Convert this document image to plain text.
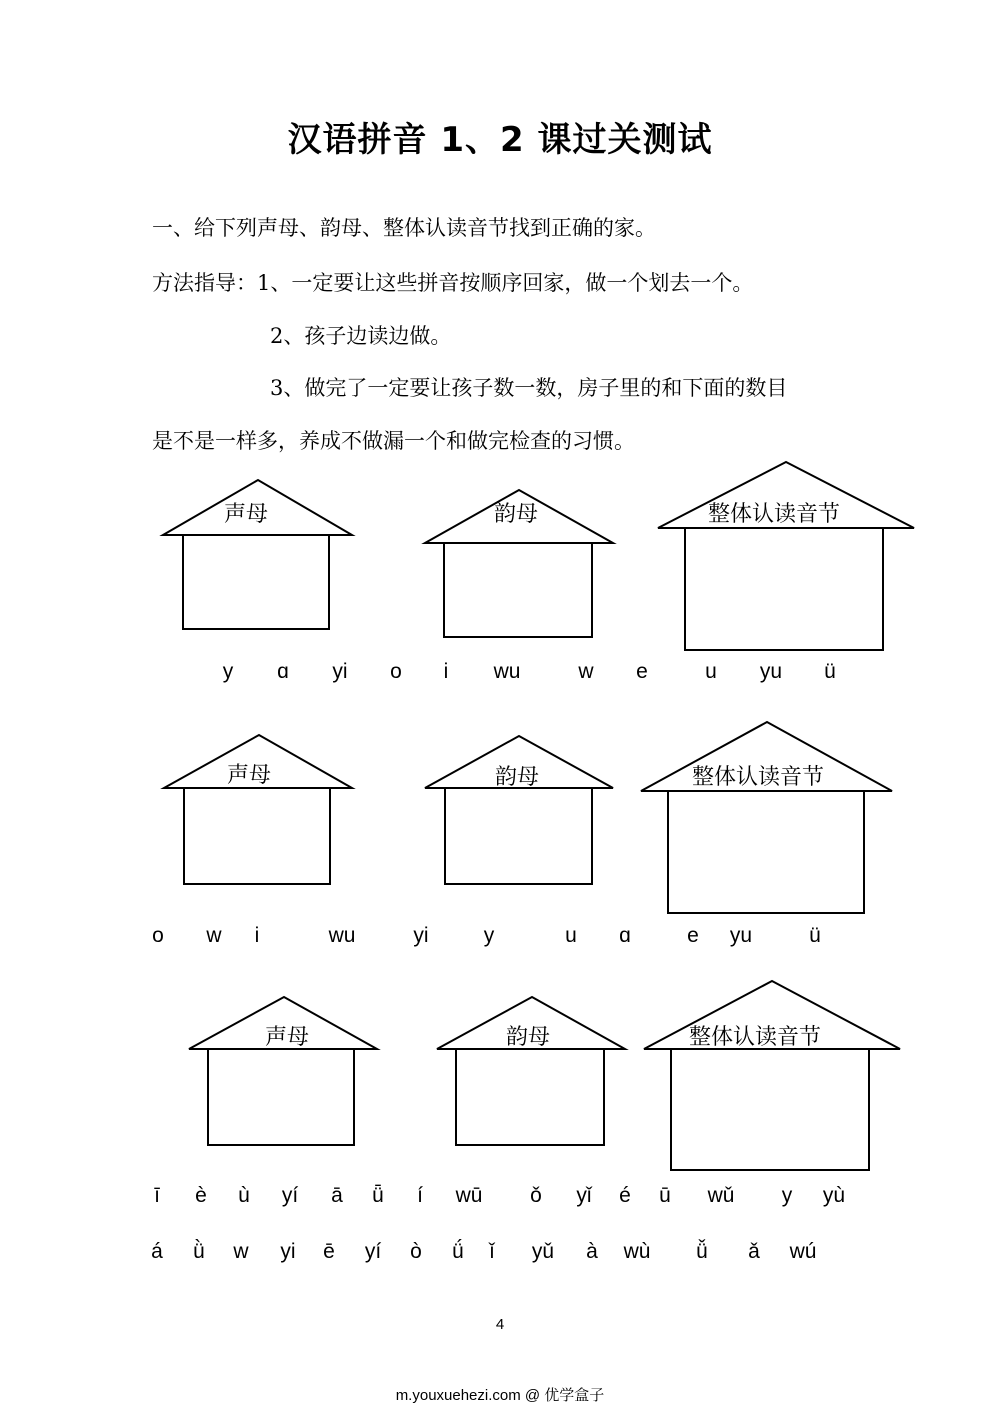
汉语拼音 1、2 课过关测试
一、给下列声母、韵母、整体认读音节找到正确的家。
方法指导：1、一定要让这些拼音按顺序回家，做一个划去一个。
2、孩子边读边做。
3、做完了一定要让孩子数一数，房子里的和下面的数目
是不是一样多，养成不做漏一个和做完检查的习惯。
声母	韵母	整体认读音节
声母	韵母	整体认读音节
声母	韵母	整体认读音节
y ɑ yi o i wu	w e	u yu ü
o w i	wu	yi	y	u ɑ	e yu	ü
ī è ù yí ā ǖ í wū ǒ yǐ é ū wǔ y yù
á ǜ w yi ē yí ò ǘ ǐ yǔ à wù ǚ ǎ wú
4
m.youxuehezi.com @ 优学盒子
